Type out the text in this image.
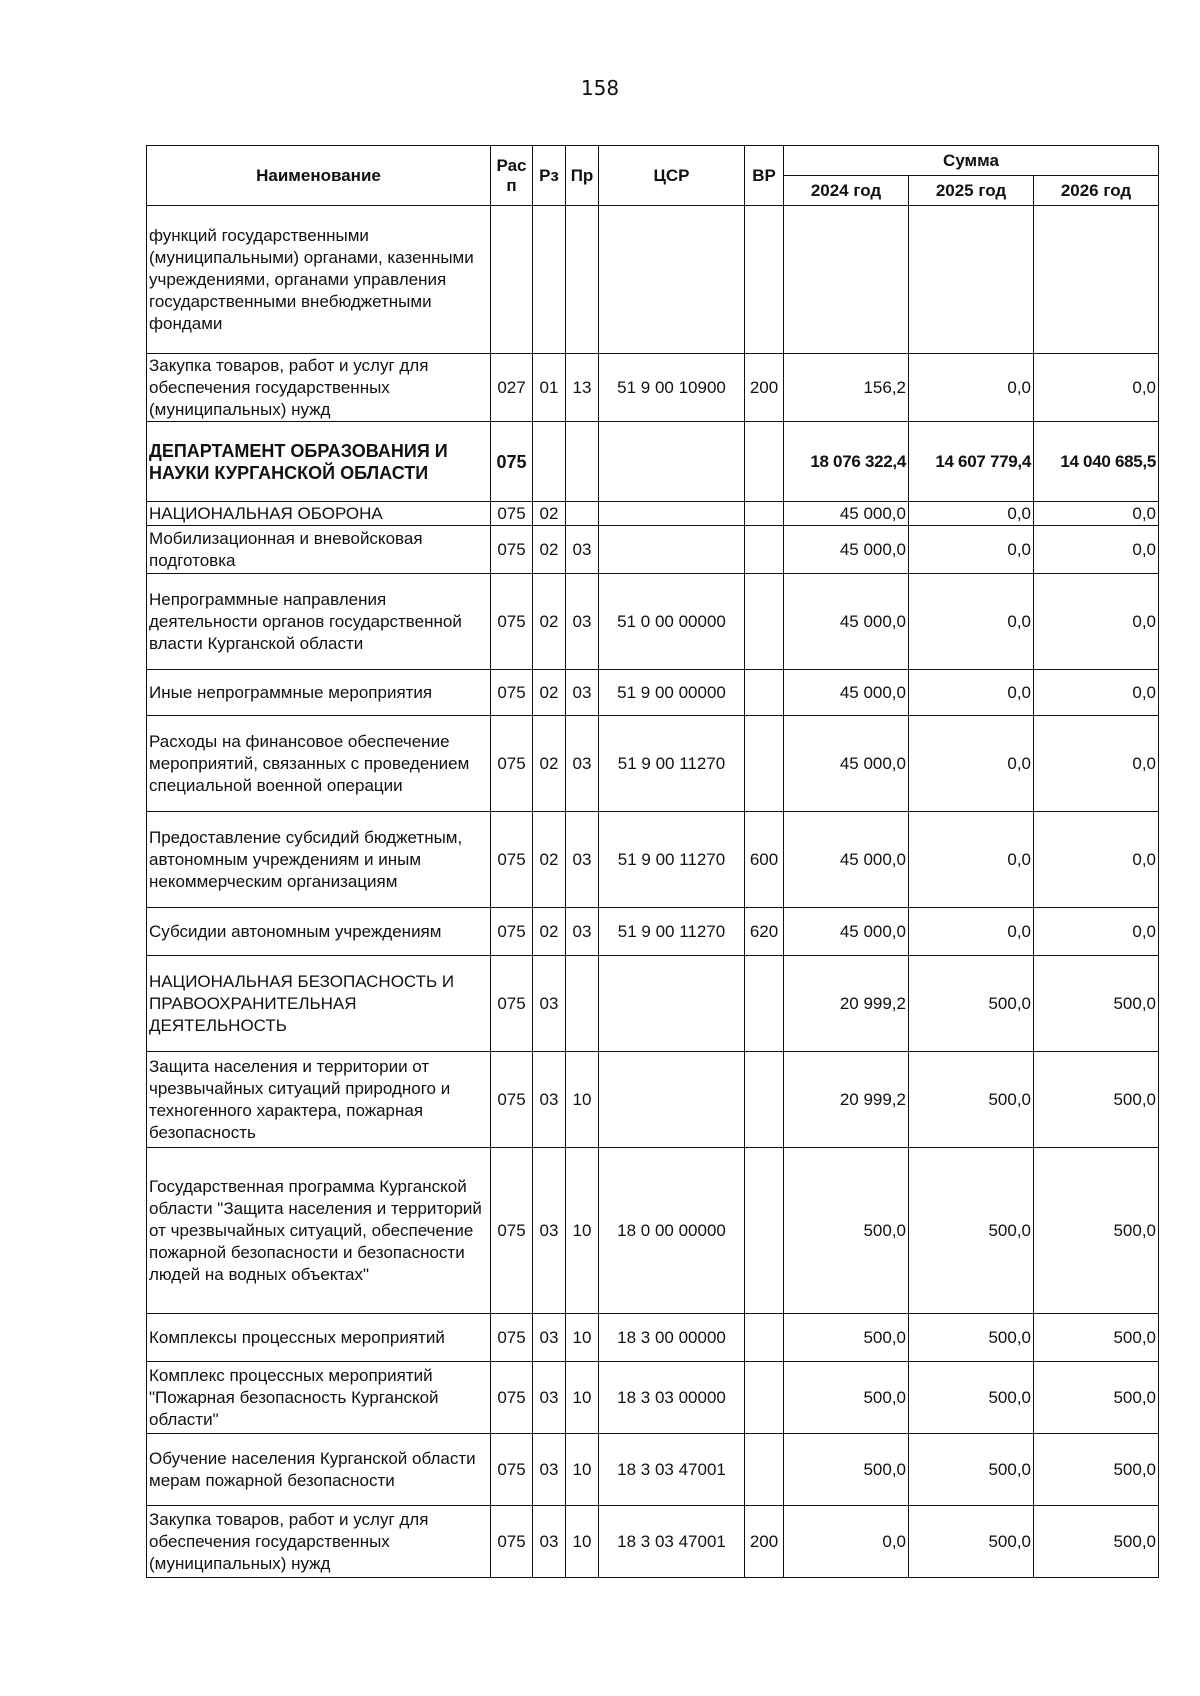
158
Наименование	Рас п	Рз	Пр	ЦСР	ВР	Сумма		
						2024 год	2025 год	2026 год
функций государственными (муниципальными) органами, казенными учреждениями, органами управления государственными внебюджетными фондами								
Закупка товаров, работ и услуг для обеспечения государственных (муниципальных) нужд	027	01	13	51 9 00 10900	200	156,2	0,0	0,0
ДЕПАРТАМЕНТ ОБРАЗОВАНИЯ И НАУКИ КУРГАНСКОЙ ОБЛАСТИ	075					18 076 322,4	14 607 779,4	14 040 685,5
НАЦИОНАЛЬНАЯ ОБОРОНА	075	02				45 000,0	0,0	0,0
Мобилизационная и вневойсковая подготовка	075	02	03			45 000,0	0,0	0,0
Непрограммные направления деятельности органов государственной власти Курганской области	075	02	03	51 0 00 00000		45 000,0	0,0	0,0
Иные непрограммные мероприятия	075	02	03	51 9 00 00000		45 000,0	0,0	0,0
Расходы на финансовое обеспечение мероприятий, связанных с проведением специальной военной операции	075	02	03	51 9 00 11270		45 000,0	0,0	0,0
Предоставление субсидий бюджетным, автономным учреждениям и иным некоммерческим организациям	075	02	03	51 9 00 11270	600	45 000,0	0,0	0,0
Субсидии автономным учреждениям	075	02	03	51 9 00 11270	620	45 000,0	0,0	0,0
НАЦИОНАЛЬНАЯ БЕЗОПАСНОСТЬ И ПРАВООХРАНИТЕЛЬНАЯ ДЕЯТЕЛЬНОСТЬ	075	03				20 999,2	500,0	500,0
Защита населения и территории от чрезвычайных ситуаций природного и техногенного характера, пожарная безопасность	075	03	10			20 999,2	500,0	500,0
Государственная программа Курганской области "Защита населения и территорий от чрезвычайных ситуаций, обеспечение пожарной безопасности и безопасности людей на водных объектах"	075	03	10	18 0 00 00000		500,0	500,0	500,0
Комплексы процессных мероприятий	075	03	10	18 3 00 00000		500,0	500,0	500,0
Комплекс процессных мероприятий "Пожарная безопасность Курганской области"	075	03	10	18 3 03 00000		500,0	500,0	500,0
Обучение населения Курганской области мерам пожарной безопасности	075	03	10	18 3 03 47001		500,0	500,0	500,0
Закупка товаров, работ и услуг для обеспечения государственных (муниципальных) нужд	075	03	10	18 3 03 47001	200	0,0	500,0	500,0
